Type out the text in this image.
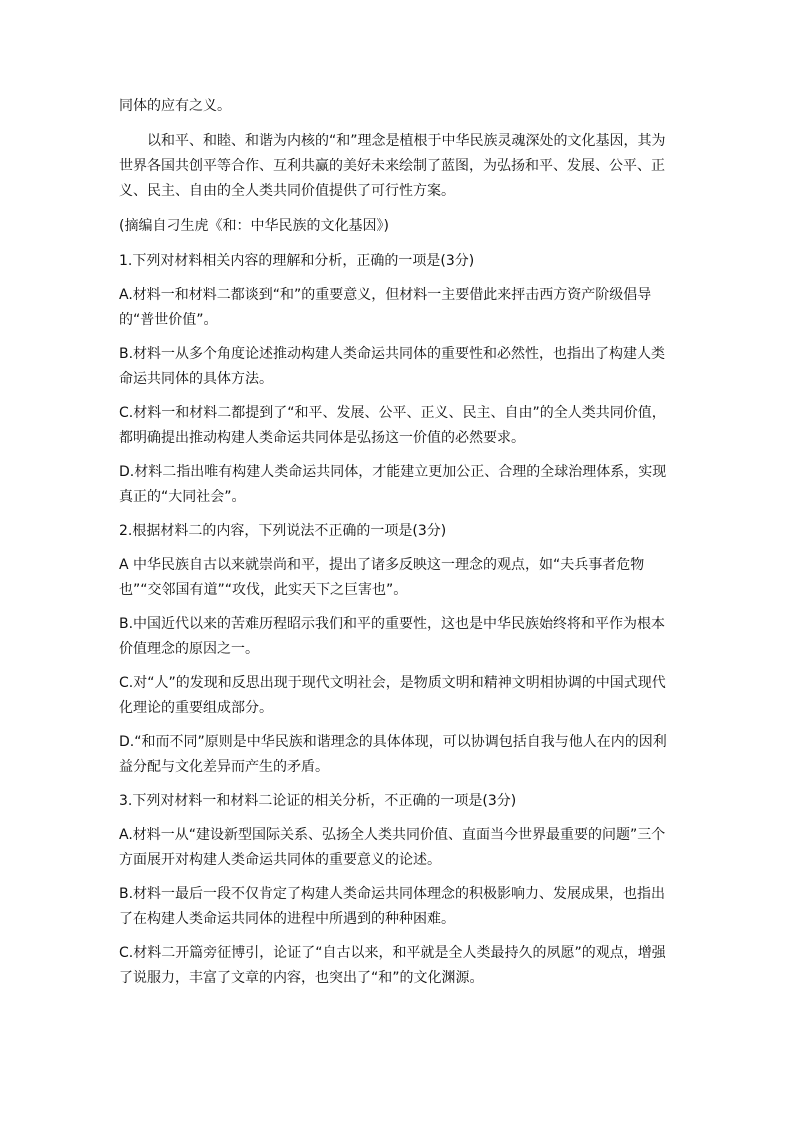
同体的应有之义。

以和平、和睦、和谐为内核的“和”理念是植根于中华民族灵魂深处的文化基因，其为世界各国共创平等合作、互利共赢的美好未来绘制了蓝图，为弘扬和平、发展、公平、正义、民主、自由的全人类共同价值提供了可行性方案。

(摘编自刁生虎《和：中华民族的文化基因》)

1.下列对材料相关内容的理解和分析，正确的一项是(3分)

A.材料一和材料二都谈到“和”的重要意义，但材料一主要借此来抨击西方资产阶级倡导的“普世价值”。

B.材料一从多个角度论述推动构建人类命运共同体的重要性和必然性，也指出了构建人类命运共同体的具体方法。

C.材料一和材料二都提到了“和平、发展、公平、正义、民主、自由”的全人类共同价值，都明确提出推动构建人类命运共同体是弘扬这一价值的必然要求。

D.材料二指出唯有构建人类命运共同体，才能建立更加公正、合理的全球治理体系，实现真正的“大同社会”。

2.根据材料二的内容，下列说法不正确的一项是(3分)

A 中华民族自古以来就崇尚和平，提出了诸多反映这一理念的观点，如“夫兵事者危物也”“交邻国有道”“攻伐，此实天下之巨害也”。

B.中国近代以来的苦难历程昭示我们和平的重要性，这也是中华民族始终将和平作为根本价值理念的原因之一。

C.对“人”的发现和反思出现于现代文明社会，是物质文明和精神文明相协调的中国式现代化理论的重要组成部分。

D.“和而不同”原则是中华民族和谐理念的具体体现，可以协调包括自我与他人在内的因利益分配与文化差异而产生的矛盾。

3.下列对材料一和材料二论证的相关分析，不正确的一项是(3分)

A.材料一从“建设新型国际关系、弘扬全人类共同价值、直面当今世界最重要的问题”三个方面展开对构建人类命运共同体的重要意义的论述。

B.材料一最后一段不仅肯定了构建人类命运共同体理念的积极影响力、发展成果，也指出了在构建人类命运共同体的进程中所遇到的种种困难。

C.材料二开篇旁征博引，论证了“自古以来，和平就是全人类最持久的夙愿”的观点，增强了说服力，丰富了文章的内容，也突出了“和”的文化渊源。
